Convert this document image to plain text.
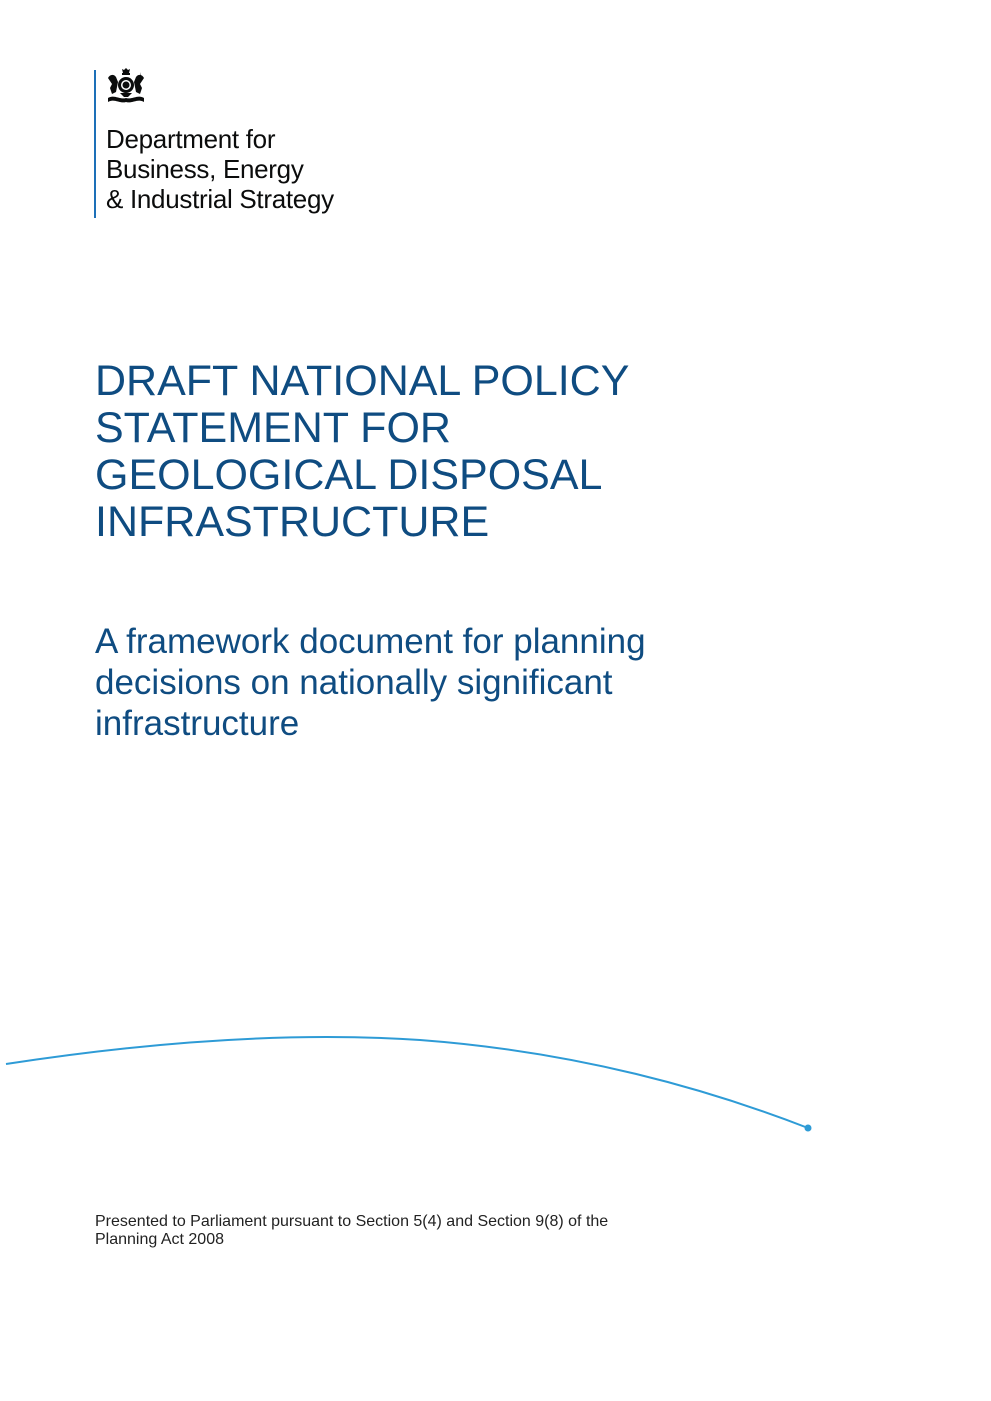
Department for
Business, Energy
& Industrial Strategy
DRAFT NATIONAL POLICY
STATEMENT FOR
GEOLOGICAL DISPOSAL
INFRASTRUCTURE
A framework document for planning
decisions on nationally significant
infrastructure
Presented to Parliament pursuant to Section 5(4) and Section 9(8) of the
Planning Act 2008
